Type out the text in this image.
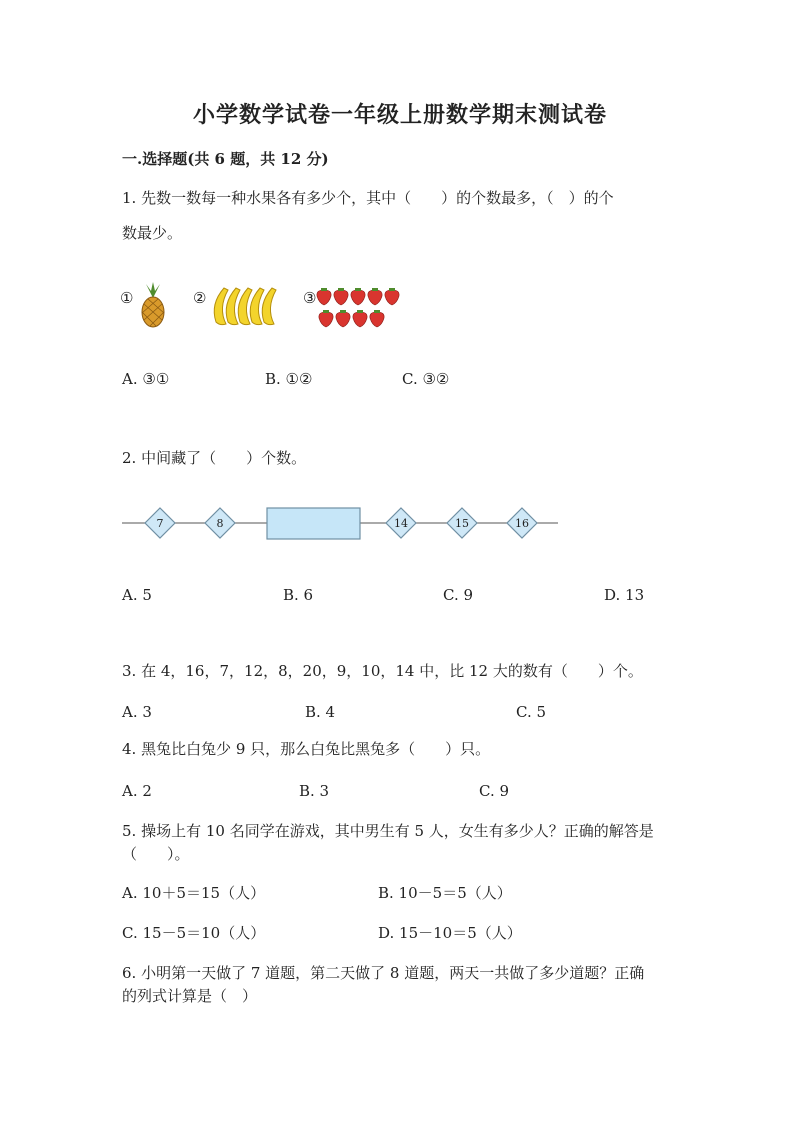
小学数学试卷一年级上册数学期末测试卷
一.选择题(共 6 题，共 12 分)
1. 先数一数每一种水果各有多少个，其中（　　）的个数最多，（　）的个
数最少。
①	②	③
A. ③①	B. ①②	C. ③②
2. 中间藏了（　　）个数。
7	8	14	15	16
A. 5	B. 6	C. 9	D. 13
3. 在 4，16，7，12，8，20，9，10，14 中，比 12 大的数有（　　）个。
A. 3	B. 4	C. 5
4. 黑兔比白兔少 9 只，那么白兔比黑兔多（　　）只。
A. 2	B. 3	C. 9
5. 操场上有 10 名同学在游戏，其中男生有 5 人，女生有多少人？正确的解答是
（　　）。
A. 10＋5＝15（人）	B. 10－5＝5（人）
C. 15－5＝10（人）	D. 15－10＝5（人）
6. 小明第一天做了 7 道题，第二天做了 8 道题，两天一共做了多少道题？正确
的列式计算是（　）
